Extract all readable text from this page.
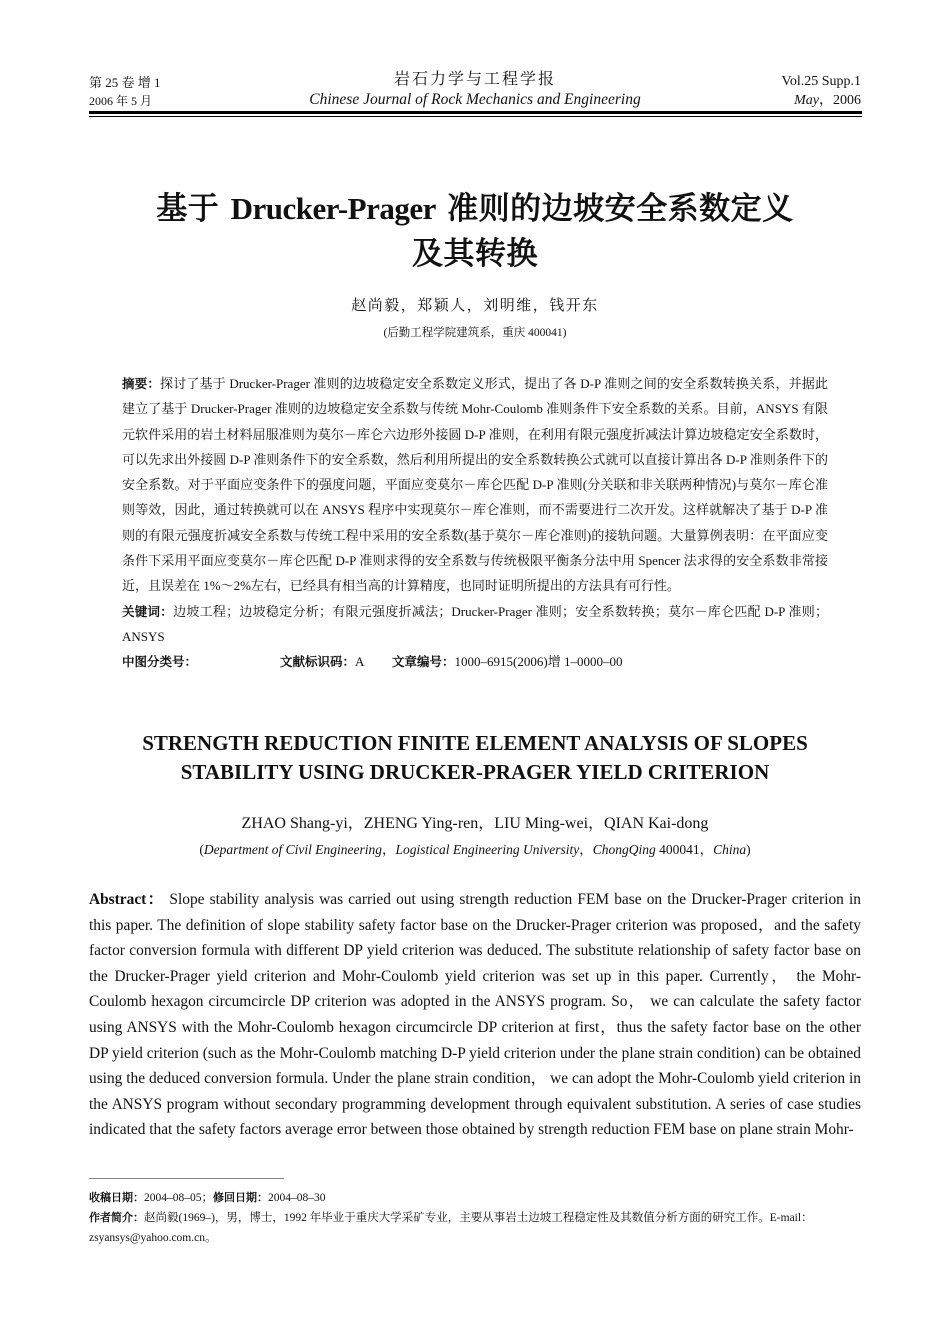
第 25 卷 增 1
2006 年 5 月
岩石力学与工程学报
Chinese Journal of Rock Mechanics and Engineering
Vol.25 Supp.1
May，2006
基于 Drucker-Prager 准则的边坡安全系数定义
及其转换
赵尚毅，郑颖人，刘明维，钱开东
(后勤工程学院建筑系，重庆 400041)
摘要：探讨了基于 Drucker-Prager 准则的边坡稳定安全系数定义形式，提出了各 D-P 准则之间的安全系数转换关系，并据此建立了基于 Drucker-Prager 准则的边坡稳定安全系数与传统 Mohr-Coulomb 准则条件下安全系数的关系。目前，ANSYS 有限元软件采用的岩土材料屈服准则为莫尔－库仑六边形外接圆 D-P 准则，在利用有限元强度折减法计算边坡稳定安全系数时，可以先求出外接圆 D-P 准则条件下的安全系数，然后利用所提出的安全系数转换公式就可以直接计算出各 D-P 准则条件下的安全系数。对于平面应变条件下的强度问题，平面应变莫尔－库仑匹配 D-P 准则(分关联和非关联两种情况)与莫尔－库仑准则等效，因此，通过转换就可以在 ANSYS 程序中实现莫尔－库仑准则，而不需要进行二次开发。这样就解决了基于 D-P 准则的有限元强度折减安全系数与传统工程中采用的安全系数(基于莫尔－库仑准则)的接轨问题。大量算例表明：在平面应变条件下采用平面应变莫尔－库仑匹配 D-P 准则求得的安全系数与传统极限平衡条分法中用 Spencer 法求得的安全系数非常接近，且误差在 1%～2%左右，已经具有相当高的计算精度，也同时证明所提出的方法具有可行性。
关键词：边坡工程；边坡稳定分析；有限元强度折减法；Drucker-Prager 准则；安全系数转换；莫尔－库仑匹配 D-P 准则；ANSYS
中图分类号：	文献标识码：A 文章编号：1000–6915(2006)增 1–0000–00
STRENGTH REDUCTION FINITE ELEMENT ANALYSIS OF SLOPES
STABILITY USING DRUCKER-PRAGER YIELD CRITERION
ZHAO Shang-yi，ZHENG Ying-ren，LIU Ming-wei，QIAN Kai-dong
(Department of Civil Engineering，Logistical Engineering University，ChongQing 400041，China)
Abstract： Slope stability analysis was carried out using strength reduction FEM base on the Drucker-Prager criterion in this paper. The definition of slope stability safety factor base on the Drucker-Prager criterion was proposed，and the safety factor conversion formula with different DP yield criterion was deduced. The substitute relationship of safety factor base on the Drucker-Prager yield criterion and Mohr-Coulomb yield criterion was set up in this paper. Currently， the Mohr-Coulomb hexagon circumcircle DP criterion was adopted in the ANSYS program. So， we can calculate the safety factor using ANSYS with the Mohr-Coulomb hexagon circumcircle DP criterion at first，thus the safety factor base on the other DP yield criterion (such as the Mohr-Coulomb matching D-P yield criterion under the plane strain condition) can be obtained using the deduced conversion formula. Under the plane strain condition， we can adopt the Mohr-Coulomb yield criterion in the ANSYS program without secondary programming development through equivalent substitution. A series of case studies indicated that the safety factors average error between those obtained by strength reduction FEM base on plane strain Mohr-
收稿日期：2004–08–05；修回日期：2004–08–30
作者简介：赵尚毅(1969–)，男，博士，1992 年毕业于重庆大学采矿专业，主要从事岩土边坡工程稳定性及其数值分析方面的研究工作。E-mail：zsyansys@yahoo.com.cn。
